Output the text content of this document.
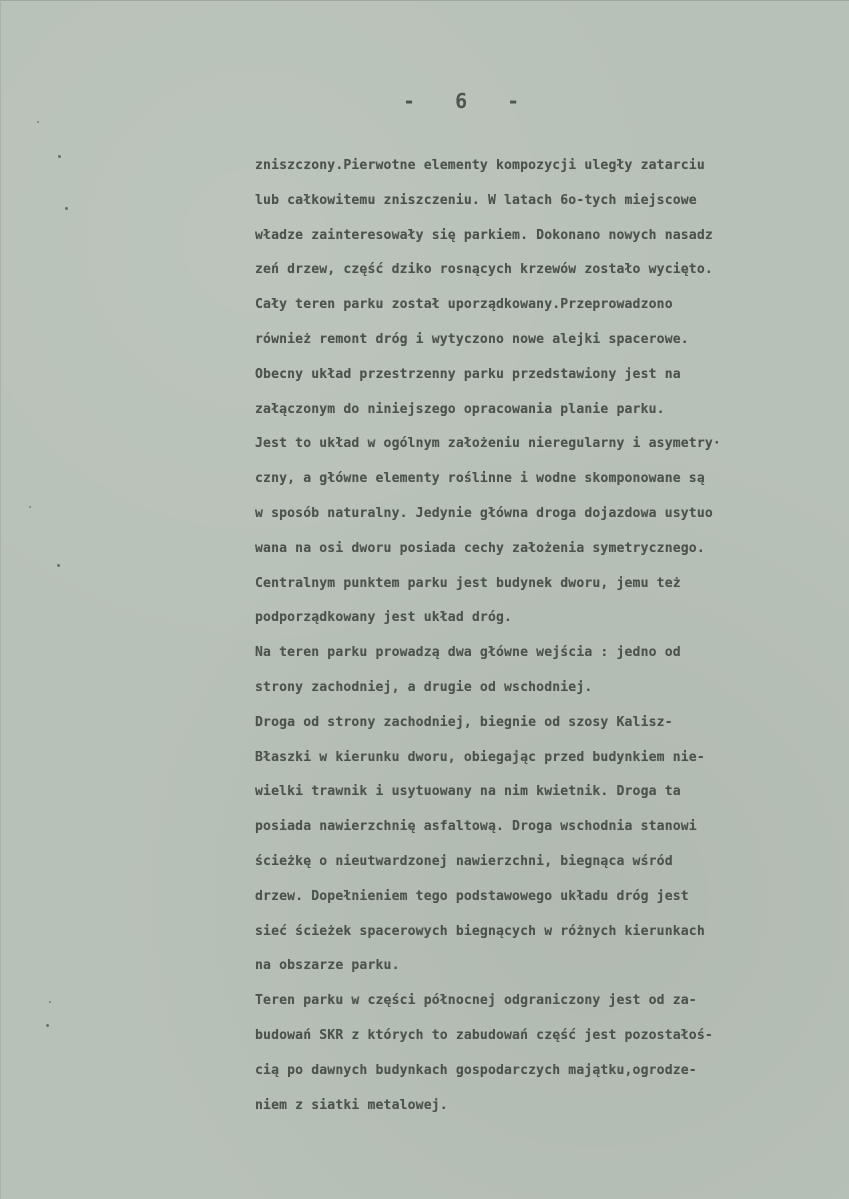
- 6 -
zniszczony.Pierwotne elementy kompozycji uległy zatarciu
lub całkowitemu zniszczeniu. W latach 6o-tych miejscowe
władze zainteresowały się parkiem. Dokonano nowych nasadz
zeń drzew, część dziko rosnących krzewów zostało wycięto.
Cały teren parku został uporządkowany.Przeprowadzono
również remont dróg i wytyczono nowe alejki spacerowe.
Obecny układ przestrzenny parku przedstawiony jest na
załączonym do niniejszego opracowania planie parku.
Jest to układ w ogólnym założeniu nieregularny i asymetry·
czny, a główne elementy roślinne i wodne skomponowane są
w sposób naturalny. Jedynie główna droga dojazdowa usytuo
wana na osi dworu posiada cechy założenia symetrycznego.
Centralnym punktem parku jest budynek dworu, jemu też
podporządkowany jest układ dróg.
Na teren parku prowadzą dwa główne wejścia : jedno od
strony zachodniej, a drugie od wschodniej.
Droga od strony zachodniej, biegnie od szosy Kalisz-
Błaszki w kierunku dworu, obiegając przed budynkiem nie-
wielki trawnik i usytuowany na nim kwietnik. Droga ta
posiada nawierzchnię asfaltową. Droga wschodnia stanowi
ścieżkę o nieutwardzonej nawierzchni, biegnąca wśród
drzew. Dopełnieniem tego podstawowego układu dróg jest
sieć ścieżek spacerowych biegnących w różnych kierunkach
na obszarze parku.
Teren parku w części północnej odgraniczony jest od za-
budowań SKR z których to zabudowań część jest pozostałoś-
cią po dawnych budynkach gospodarczych majątku,ogrodze-
niem z siatki metalowej.
